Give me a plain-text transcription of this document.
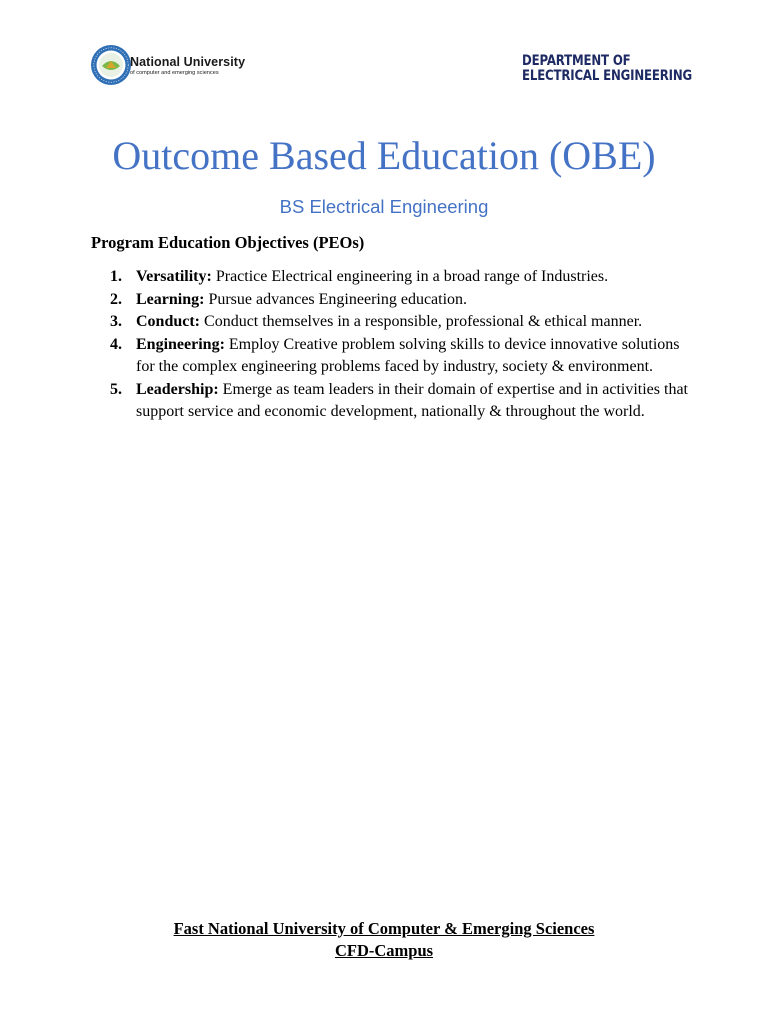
National University
of computer and emerging sciences
DEPARTMENT OF
ELECTRICAL ENGINEERING
Outcome Based Education (OBE)
BS Electrical Engineering
Program Education Objectives (PEOs)
1. Versatility: Practice Electrical engineering in a broad range of Industries.
2. Learning: Pursue advances Engineering education.
3. Conduct: Conduct themselves in a responsible, professional & ethical manner.
4. Engineering: Employ Creative problem solving skills to device innovative solutions for the complex engineering problems faced by industry, society & environment.
5. Leadership: Emerge as team leaders in their domain of expertise and in activities that support service and economic development, nationally & throughout the world.
Fast National University of Computer & Emerging Sciences
CFD-Campus
